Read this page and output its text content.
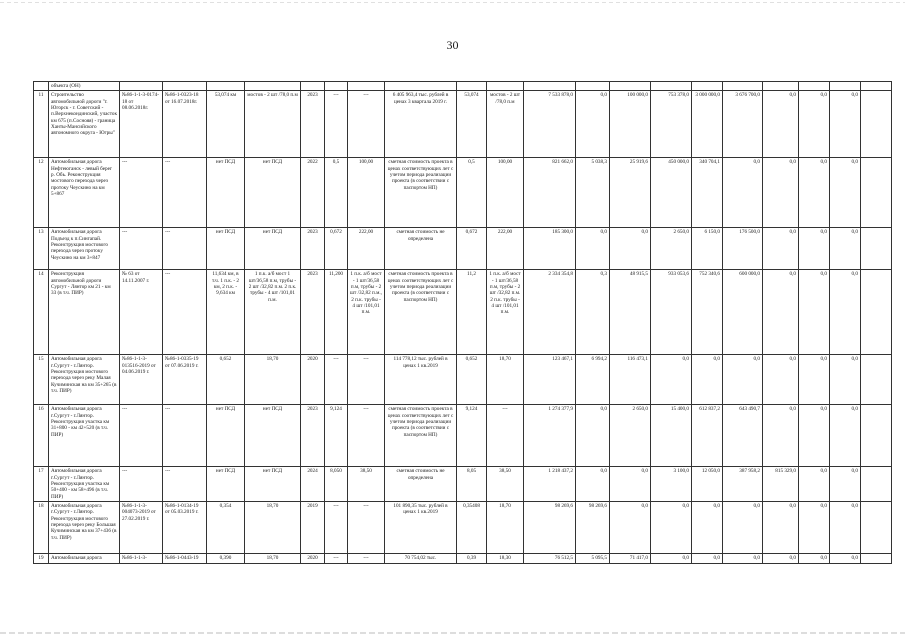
30
	объекта (ОН)																				
11	Строительство автомобильной дороги "г. Югорск - г. Советский - п.Верхнекондинский, участок км 675 (п.Соснояя) - граница Ханты-Мансийского автономного округа - Югры"	№86-1-1-3-0174-18 от 08.06.2018г.	№86-1-0323-18 от 16.07.2018г.	53,074 км	мостов - 2 шт /78,0 п.м	2023	---	---	6 405 963,4 тыс. рублей в ценах 3 квартала 2019 г.	53,074	мостов - 2 шт /78,0 п.м	7 533 878,0	0,0	100 000,0	753 378,0	3 000 000,0	3 676 700,0	0,0	0,0	0,0	
12	Автомобильная дорога Нефтеюганск - левый берег р. Обь. Реконструкция мостового перехода через протоку Чеускино на км 5+867	---	---	нет ПСД	нет ПСД	2022	0,5	100,00	сметная стоимость проекта в ценах соответствующих лет с учетом периода реализации проекта (в соответствии с паспортом НП)	0,5	100,00	821 662,0	5 038,3	25 919,6	450 000,0	340 704,1	0,0	0,0	0,0	0,0	
13	Автомобильная дорога Подъезд к п.Сингапай. Реконструкция мостового перехода через протоку Чеускино на км 3+847	---	---	нет ПСД	нет ПСД	2023	0,672	222,00	сметная стоимость не определена	0,672	222,00	185 300,0	0,0	0,0	2 650,0	6 150,0	176 500,0	0,0	0,0	0,0	
14	Реконструкция автомобильной дороги Сургут - Лянтор км 21 - км 33 (в т.ч. ПИР)	№ 63 от 14.11.2007 г.	---	11,634 км, в т.ч. 1 п.к. - 2 км, 2 п.к. - 9,634 км	1 п.к. а/б мост 1 шт/36,58 п.м, трубы - 2 шт /32,82 п.м. 2 п.к. трубы - 4 шт /101,01 п.м.	2023	11,200	1 п.к. а/б мост - 1 шт/36,58 п.м, трубы - 2 шт /32,82 п.м., 2 п.к. трубы - 4 шт /101,01 п.м.	сметная стоимость проекта в ценах соответствующих лет с учетом периода реализации проекта (в соответствии с паспортом НП)	11,2	1 п.к. а/б мост - 1 шт/36,58 п.м, трубы - 2 шт /32,82 п.м. 2 п.к. трубы - 4 шт /101,01 п.м.	2 334 354,8	0,3	48 915,5	933 053,6	752 340,6	600 000,0	0,0	0,0	0,0	
15	Автомобильная дорога г.Сургут - г.Лянтор. Реконструкция мостового перехода через реку Малая Кучиминская на км 35+265 (в т.ч. ПИР)	№86-1-1-3-013516-2019 от 04.06.2019 г.	№86-1-0335-19 от 07.06.2019 г.	0,652	18,70	2020	---	---	114 778,12 тыс. рублей в ценах 1 кв.2019	0,652	18,70	123 467,1	6 994,2	116 473,1	0,0	0,0	0,0	0,0	0,0	0,0	
16	Автомобильная дорога г.Сургут - г.Лянтор. Реконструкция участка км 31+800 - км 42+520 (в т.ч. ПИР)	---	---	нет ПСД	нет ПСД	2023	9,124	---	сметная стоимость проекта в ценах соответствующих лет с учетом периода реализации проекта (в соответствии с паспортом НП)	9,124	---	1 274 377,9	0,0	2 650,0	15 400,0	612 837,2	643 490,7	0,0	0,0	0,0	
17	Автомобильная дорога г.Сургут - г.Лянтор. Реконструкция участка км 50+400 - км 58+496 (в т.ч. ПИР)	---	---	нет ПСД	нет ПСД	2024	8,050	38,50	сметная стоимость не определена	8,05	38,50	1 218 437,2	0,0	0,0	3 100,0	12 050,0	387 958,2	815 329,0	0,0	0,0	
18	Автомобильная дорога г.Сургут - г.Лянтор. Реконструкция мостового перехода через реку Большая Кучиминская на км 37+436 (в т.ч. ПИР)	№86-1-1-3-004073-2019 от 27.02.2019 г.	№86-1-0134-19 от 05.03.2019 г.	0,354	18,70	2019	---	---	101 890,35 тыс. рублей в ценах 1 кв.2019	0,35408	18,70	98 269,6	98 269,6	0,0	0,0	0,0	0,0	0,0	0,0	0,0	
19	Автомобильная дорога	№86-1-1-3-	№86-1-0443-19	0,390	18,70	2020	---	---	70 754,02 тыс.	0,39	18,30	76 512,5	5 095,5	71 417,0	0,0	0,0	0,0	0,0	0,0	0,0	
